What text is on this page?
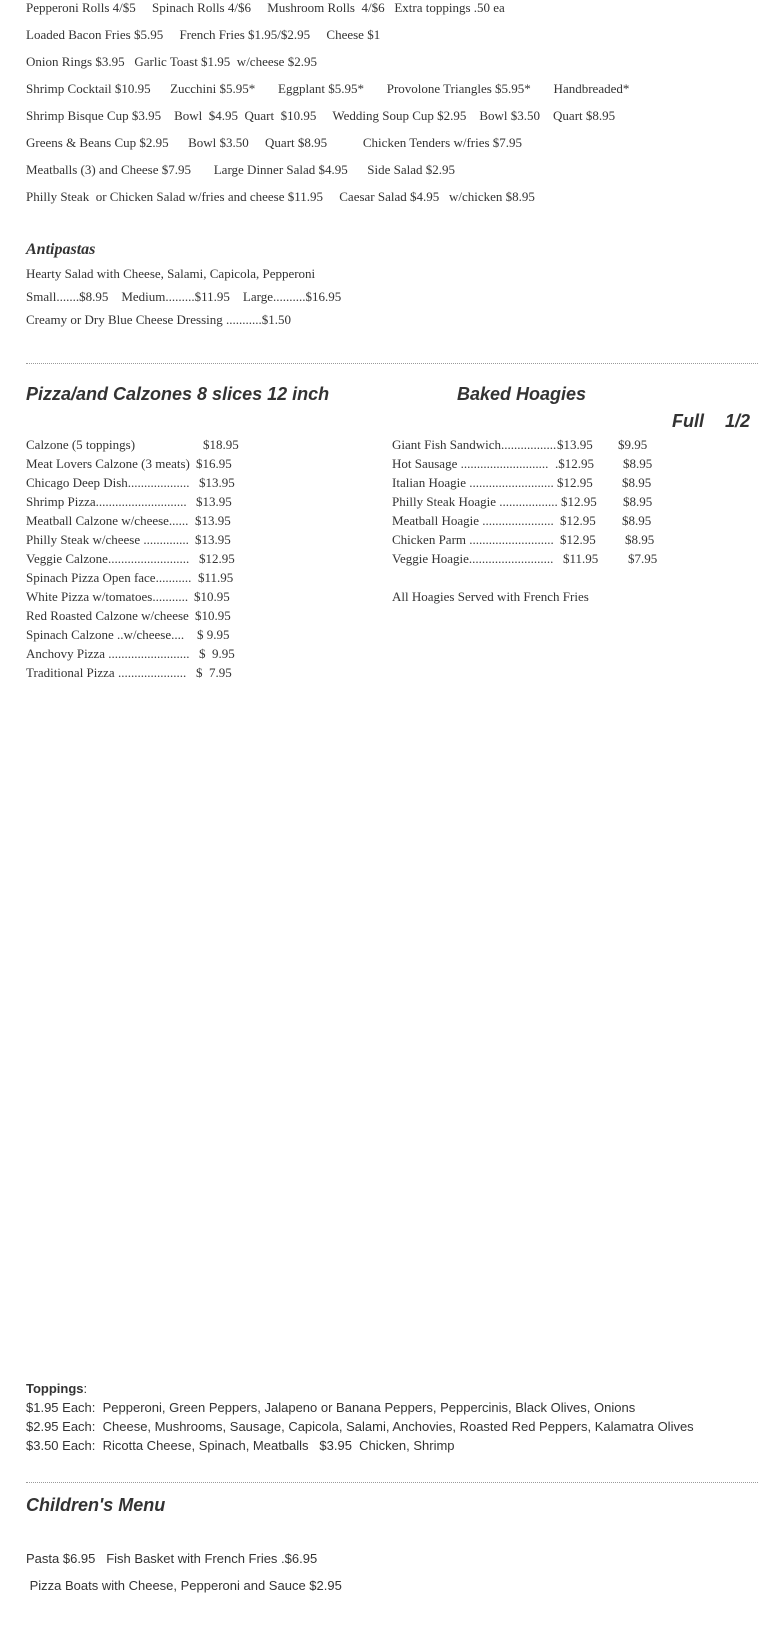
Pepperoni Rolls 4/$5     Spinach Rolls 4/$6     Mushroom Rolls  4/$6   Extra toppings .50 ea
Loaded Bacon Fries $5.95     French Fries $1.95/$2.95     Cheese $1
Onion Rings $3.95   Garlic Toast $1.95  w/cheese $2.95
Shrimp Cocktail $10.95      Zucchini $5.95*       Eggplant $5.95*       Provolone Triangles $5.95*       Handbreaded*
Shrimp Bisque Cup $3.95    Bowl  $4.95  Quart  $10.95     Wedding Soup Cup $2.95    Bowl $3.50    Quart $8.95
Greens & Beans Cup $2.95      Bowl $3.50     Quart $8.95           Chicken Tenders w/fries $7.95
Meatballs (3) and Cheese $7.95       Large Dinner Salad $4.95      Side Salad $2.95
Philly Steak  or Chicken Salad w/fries and cheese $11.95     Caesar Salad $4.95   w/chicken $8.95
Antipastas
Hearty Salad with Cheese, Salami, Capicola, Pepperoni
Small.......$8.95    Medium.........$11.95    Large..........$16.95
Creamy or Dry Blue Cheese Dressing ...........$1.50
Pizza/and Calzones 8 slices 12 inch	Baked Hoagies
Full 1/2
Calzone (5 toppings)	$18.95
Meat Lovers Calzone (3 meats) $16.95
Chicago Deep Dish................... $13.95
Shrimp Pizza............................ $13.95
Meatball Calzone w/cheese...... $13.95
Philly Steak w/cheese .............. $13.95
Veggie Calzone......................... $12.95
Spinach Pizza Open face........... $11.95
White Pizza w/tomatoes........... $10.95
Red Roasted Calzone w/cheese $10.95
Spinach Calzone ..w/cheese.... $ 9.95
Anchovy Pizza ......................... $  9.95
Traditional Pizza ..................... $  7.95
Giant Fish Sandwich................. $13.95 $9.95
Hot Sausage ........................... .$12.95 $8.95
Italian Hoagie .......................... $12.95 $8.95
Philly Steak Hoagie .................. $12.95 $8.95
Meatball Hoagie ...................... $12.95 $8.95
Chicken Parm .......................... $12.95 $8.95
Veggie Hoagie.......................... $11.95 $7.95
All Hoagies Served with French Fries
Toppings:
$1.95 Each:  Pepperoni, Green Peppers, Jalapeno or Banana Peppers, Peppercinis, Black Olives, Onions
$2.95 Each:  Cheese, Mushrooms, Sausage, Capicola, Salami, Anchovies, Roasted Red Peppers, Kalamatra Olives
$3.50 Each:  Ricotta Cheese, Spinach, Meatballs   $3.95  Chicken, Shrimp
Children's Menu
Pasta $6.95   Fish Basket with French Fries .$6.95
Pizza Boats with Cheese, Pepperoni and Sauce $2.95
